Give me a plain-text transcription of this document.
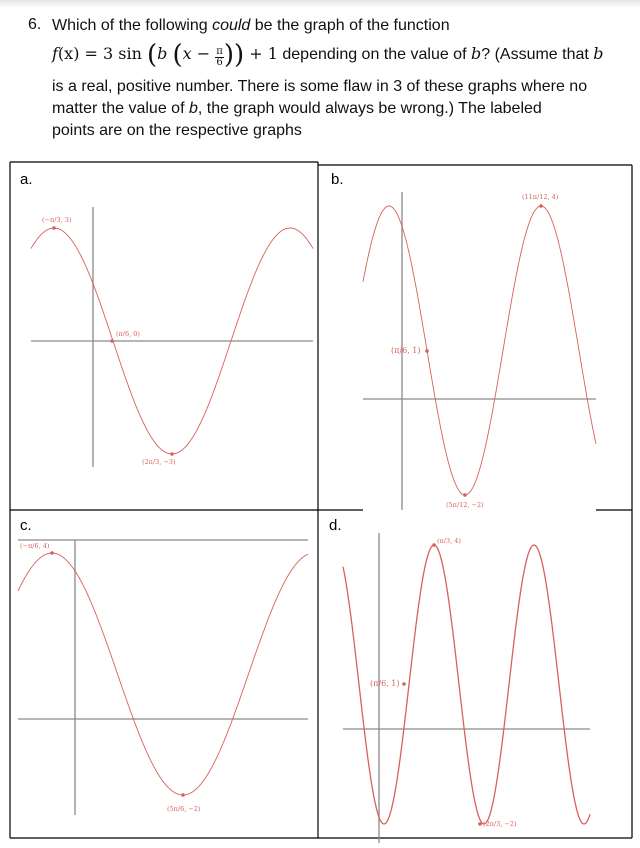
6. Which of the following could be the graph of the function
f(x) = 3 sin (b ($x - \frac{\pi}{6}$ )) + 1 depending on the value of b? (Assume that b
is a real, positive number. There is some flaw in 3 of these graphs where no
matter the value of b, the graph would always be wrong.) The labeled
points are on the respective graphs
a.	b.
c.	d.
(−π/3, 3)
(π/6, 0)
(2π/3, −3)
(11π/12, 4)
(π/6, 1)
(5π/12, −2)
(−π/6, 4)
(5π/6, −2)
(π/3, 4)
(π/6, 1)
(2π/3, −2)
